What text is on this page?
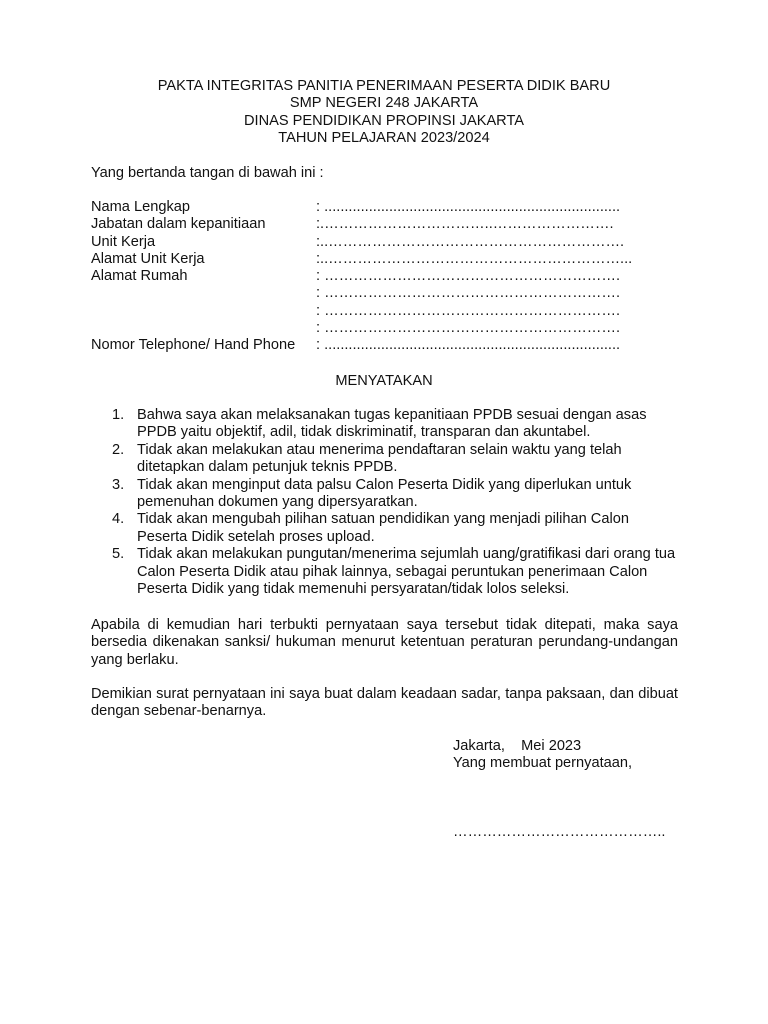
PAKTA INTEGRITAS PANITIA PENERIMAAN PESERTA DIDIK BARU
SMP NEGERI 248 JAKARTA
DINAS PENDIDIKAN PROPINSI JAKARTA
TAHUN PELAJARAN 2023/2024
Yang bertanda tangan di bawah ini :
Nama Lengkap	: .........................................................................
Jabatan dalam kepanitiaan	:.……………………………..…………………….
Unit Kerja	:..…………………………………………………….
Alamat Unit Kerja	:..……………………………………………………...
Alamat Rumah	: …………………………………………………….
: …………………………………………………….
: …………………………………………………….
: …………………………………………………….
Nomor Telephone/ Hand Phone : .........................................................................
MENYATAKAN
1. Bahwa saya akan melaksanakan tugas kepanitiaan PPDB sesuai dengan asas PPDB yaitu objektif, adil, tidak diskriminatif, transparan dan akuntabel.
2. Tidak akan melakukan atau menerima pendaftaran selain waktu yang telah ditetapkan dalam petunjuk teknis PPDB.
3. Tidak akan menginput data palsu Calon Peserta Didik yang diperlukan untuk pemenuhan dokumen yang dipersyaratkan.
4. Tidak akan mengubah pilihan satuan pendidikan yang menjadi pilihan Calon Peserta Didik setelah proses upload.
5. Tidak akan melakukan pungutan/menerima sejumlah uang/gratifikasi dari orang tua Calon Peserta Didik atau pihak lainnya, sebagai peruntukan penerimaan Calon Peserta Didik yang tidak memenuhi persyaratan/tidak lolos seleksi.
Apabila di kemudian hari terbukti pernyataan saya tersebut tidak ditepati, maka saya bersedia dikenakan sanksi/ hukuman menurut ketentuan peraturan perundang-undangan yang berlaku.
Demikian surat pernyataan ini saya buat dalam keadaan sadar, tanpa paksaan, dan dibuat dengan sebenar-benarnya.
Jakarta,    Mei 2023
Yang membuat pernyataan,
……………………………………..
